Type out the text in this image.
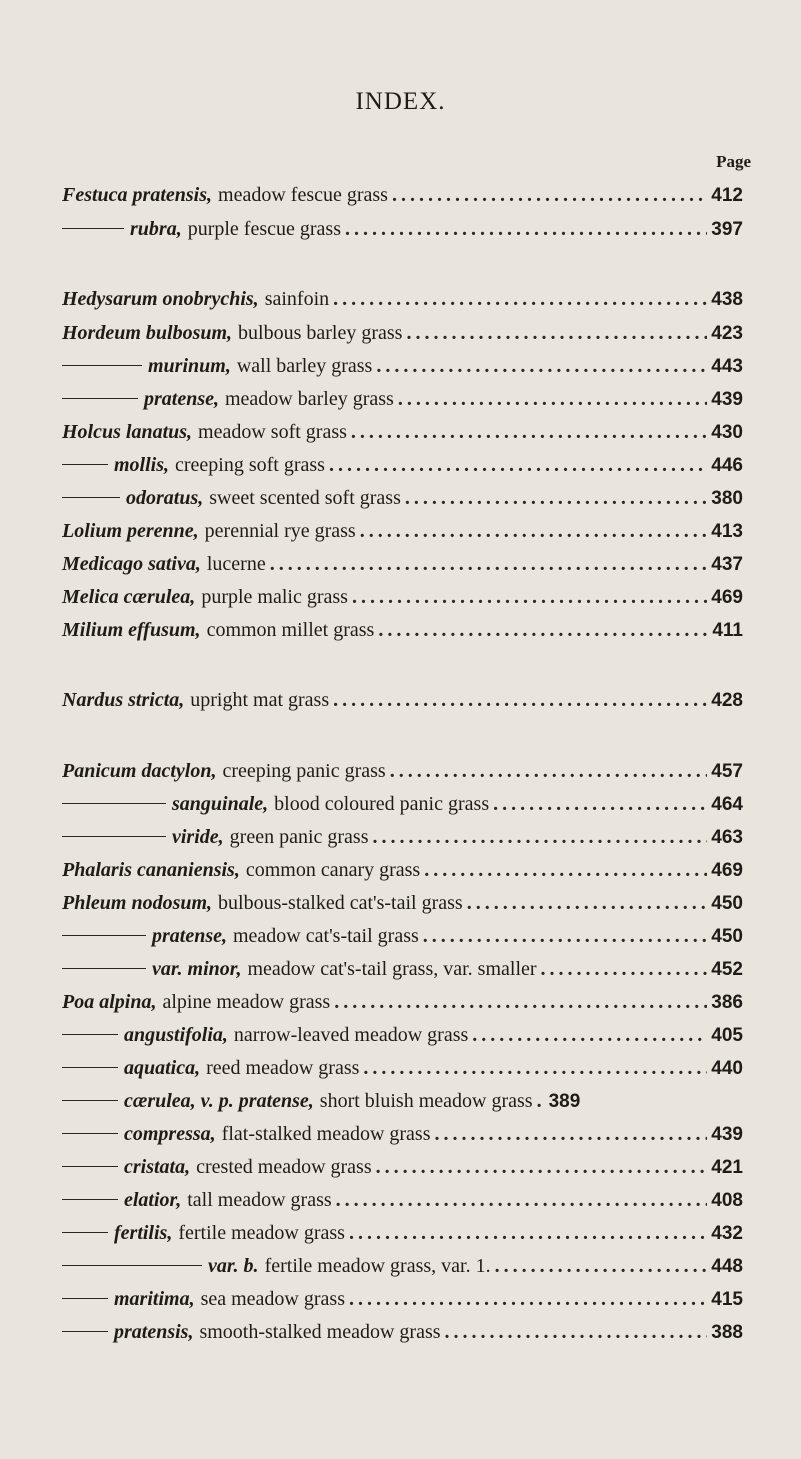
INDEX.
Page
Festuca pratensis, meadow fescue grass .....	412
rubra, purple fescue grass .....	397
Hedysarum onobrychis, sainfoin .....	438
Hordeum bulbosum, bulbous barley grass .....	423
murinum, wall barley grass .....	443
pratense, meadow barley grass .....	439
Holcus lanatus, meadow soft grass .....	430
mollis, creeping soft grass .....	446
odoratus, sweet scented soft grass .....	380
Lolium perenne, perennial rye grass .....	413
Medicago sativa, lucerne .....	437
Melica cærulea, purple malic grass .....	469
Milium effusum, common millet grass .....	411
Nardus stricta, upright mat grass .....	428
Panicum dactylon, creeping panic grass .....	457
sanguinale, blood coloured panic grass .....	464
viride, green panic grass .....	463
Phalaris cananiensis, common canary grass .....	469
Phleum nodosum, bulbous-stalked cat's-tail grass .....	450
pratense, meadow cat's-tail grass .....	450
var. minor, meadow cat's-tail grass, var. smaller .....	452
Poa alpina, alpine meadow grass .....	386
angustifolia, narrow-leaved meadow grass .....	405
aquatica, reed meadow grass .....	440
cærulea, v. p. pratense, short bluish meadow grass ..... 389
compressa, flat-stalked meadow grass .....	439
cristata, crested meadow grass .....	421
elatior, tall meadow grass .....	408
fertilis, fertile meadow grass .....	432
var. b. fertile meadow grass, var. 1. .....	448
maritima, sea meadow grass .....	415
pratensis, smooth-stalked meadow grass .....	388
